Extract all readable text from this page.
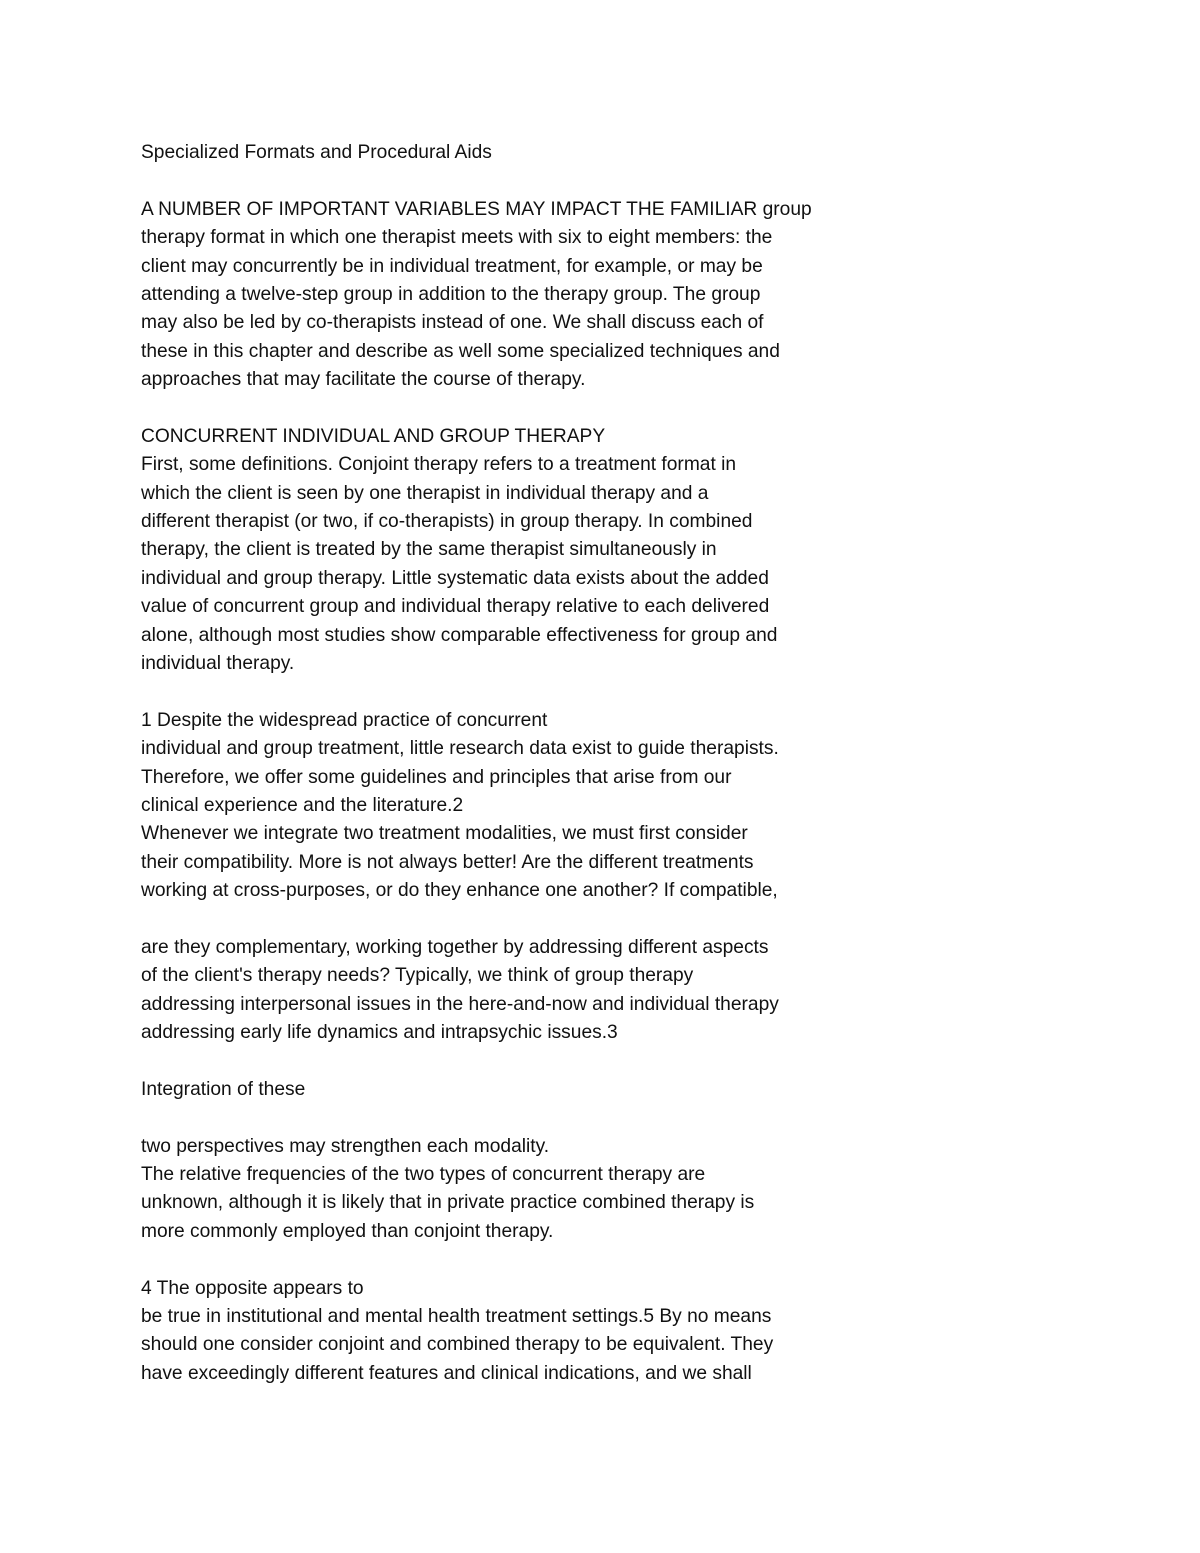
Specialized Formats and Procedural Aids
A NUMBER OF IMPORTANT VARIABLES MAY IMPACT THE FAMILIAR group
therapy format in which one therapist meets with six to eight members: the
client may concurrently be in individual treatment, for example, or may be
attending a twelve-step group in addition to the therapy group. The group
may also be led by co-therapists instead of one. We shall discuss each of
these in this chapter and describe as well some specialized techniques and
approaches that may facilitate the course of therapy.
CONCURRENT INDIVIDUAL AND GROUP THERAPY
First, some definitions. Conjoint therapy refers to a treatment format in
which the client is seen by one therapist in individual therapy and a
different therapist (or two, if co-therapists) in group therapy. In combined
therapy, the client is treated by the same therapist simultaneously in
individual and group therapy. Little systematic data exists about the added
value of concurrent group and individual therapy relative to each delivered
alone, although most studies show comparable effectiveness for group and
individual therapy.
1 Despite the widespread practice of concurrent
individual and group treatment, little research data exist to guide therapists.
Therefore, we offer some guidelines and principles that arise from our
clinical experience and the literature.2
Whenever we integrate two treatment modalities, we must first consider
their compatibility. More is not always better! Are the different treatments
working at cross-purposes, or do they enhance one another? If compatible,
are they complementary, working together by addressing different aspects
of the client's therapy needs? Typically, we think of group therapy
addressing interpersonal issues in the here-and-now and individual therapy
addressing early life dynamics and intrapsychic issues.3
Integration of these
two perspectives may strengthen each modality.
The relative frequencies of the two types of concurrent therapy are
unknown, although it is likely that in private practice combined therapy is
more commonly employed than conjoint therapy.
4 The opposite appears to
be true in institutional and mental health treatment settings.5 By no means
should one consider conjoint and combined therapy to be equivalent. They
have exceedingly different features and clinical indications, and we shall
